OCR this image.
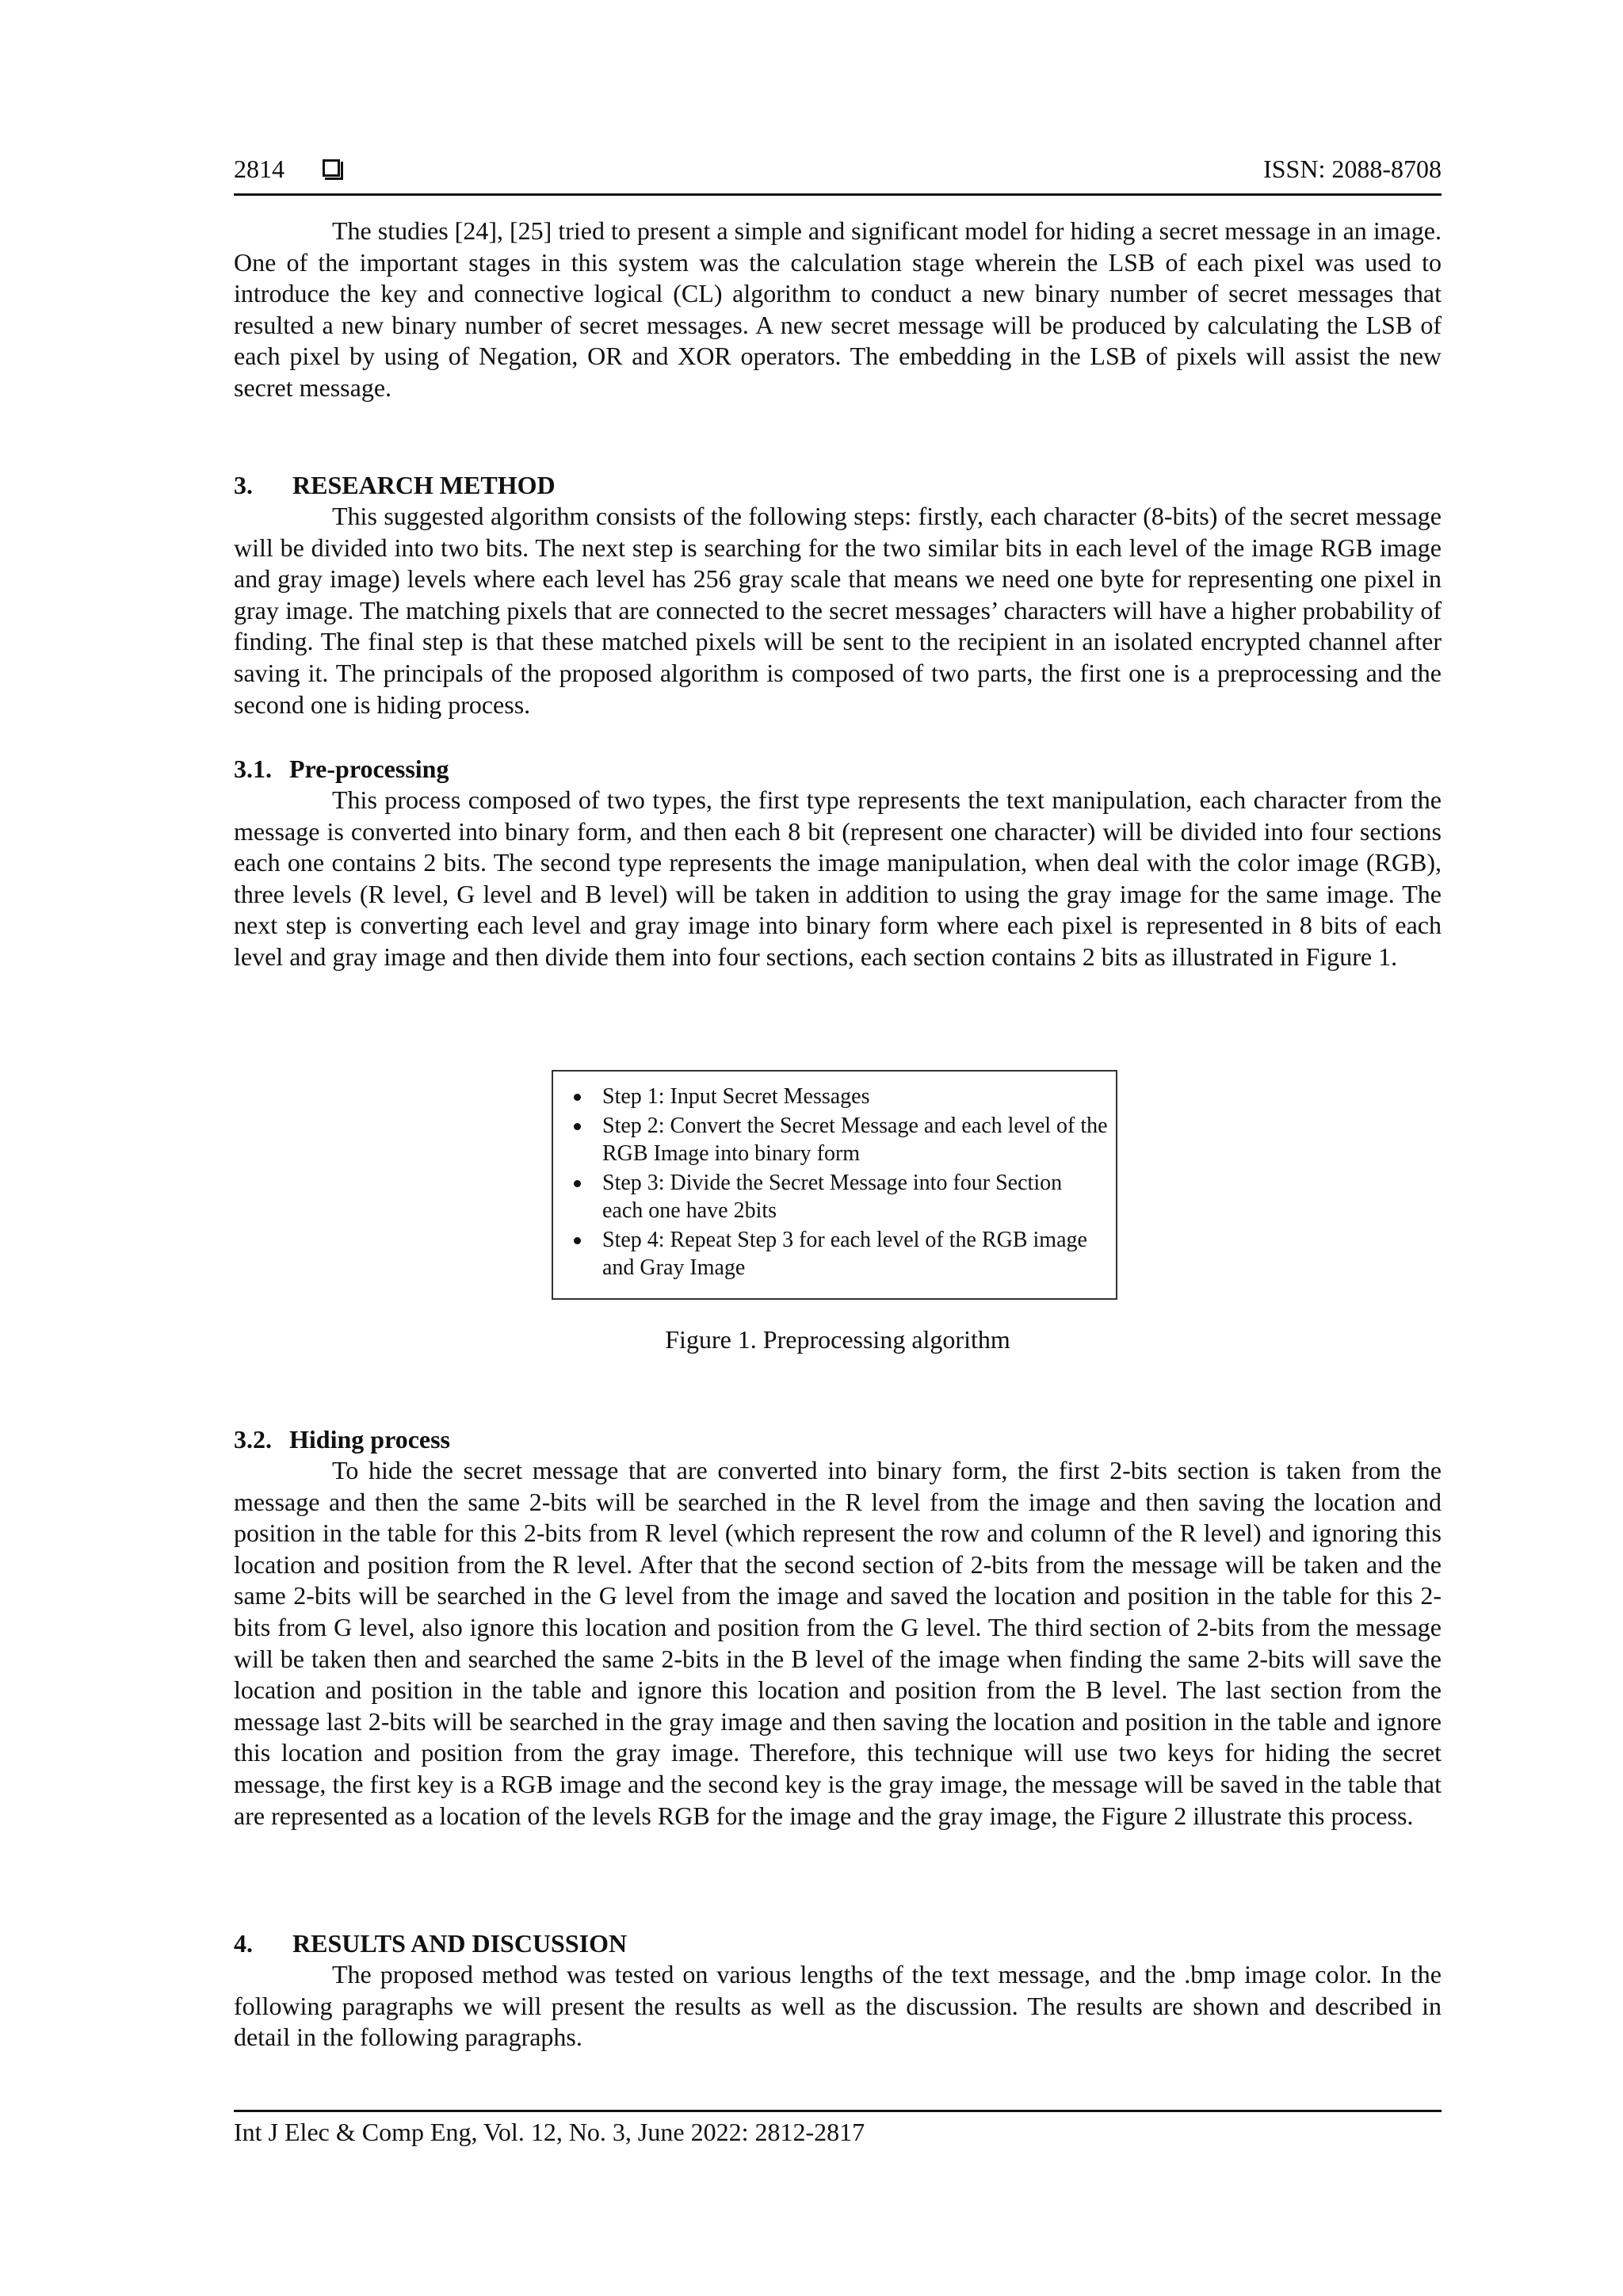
2814	ISSN: 2088-8708

The studies [24], [25] tried to present a simple and significant model for hiding a secret message in an image. One of the important stages in this system was the calculation stage wherein the LSB of each pixel was used to introduce the key and connective logical (CL) algorithm to conduct a new binary number of secret messages that resulted a new binary number of secret messages. A new secret message will be produced by calculating the LSB of each pixel by using of Negation, OR and XOR operators. The embedding in the LSB of pixels will assist the new secret message.

3. RESEARCH METHOD

This suggested algorithm consists of the following steps: firstly, each character (8-bits) of the secret message will be divided into two bits. The next step is searching for the two similar bits in each level of the image RGB image and gray image) levels where each level has 256 gray scale that means we need one byte for representing one pixel in gray image. The matching pixels that are connected to the secret messages’ characters will have a higher probability of finding. The final step is that these matched pixels will be sent to the recipient in an isolated encrypted channel after saving it. The principals of the proposed algorithm is composed of two parts, the first one is a preprocessing and the second one is hiding process.

3.1. Pre-processing

This process composed of two types, the first type represents the text manipulation, each character from the message is converted into binary form, and then each 8 bit (represent one character) will be divided into four sections each one contains 2 bits. The second type represents the image manipulation, when deal with the color image (RGB), three levels (R level, G level and B level) will be taken in addition to using the gray image for the same image. The next step is converting each level and gray image into binary form where each pixel is represented in 8 bits of each level and gray image and then divide them into four sections, each section contains 2 bits as illustrated in Figure 1.

Step 1: Input Secret Messages
Step 2: Convert the Secret Message and each level of the RGB Image into binary form
Step 3: Divide the Secret Message into four Section each one have 2bits
Step 4: Repeat Step 3 for each level of the RGB image and Gray Image
Figure 1. Preprocessing algorithm
3.2. Hiding process

To hide the secret message that are converted into binary form, the first 2-bits section is taken from the message and then the same 2-bits will be searched in the R level from the image and then saving the location and position in the table for this 2-bits from R level (which represent the row and column of the R level) and ignoring this location and position from the R level. After that the second section of 2-bits from the message will be taken and the same 2-bits will be searched in the G level from the image and saved the location and position in the table for this 2-bits from G level, also ignore this location and position from the G level. The third section of 2-bits from the message will be taken then and searched the same 2-bits in the B level of the image when finding the same 2-bits will save the location and position in the table and ignore this location and position from the B level. The last section from the message last 2-bits will be searched in the gray image and then saving the location and position in the table and ignore this location and position from the gray image. Therefore, this technique will use two keys for hiding the secret message, the first key is a RGB image and the second key is the gray image, the message will be saved in the table that are represented as a location of the levels RGB for the image and the gray image, the Figure 2 illustrate this process.

4. RESULTS AND DISCUSSION

The proposed method was tested on various lengths of the text message, and the .bmp image color. In the following paragraphs we will present the results as well as the discussion. The results are shown and described in detail in the following paragraphs.

Int J Elec & Comp Eng, Vol. 12, No. 3, June 2022: 2812-2817
